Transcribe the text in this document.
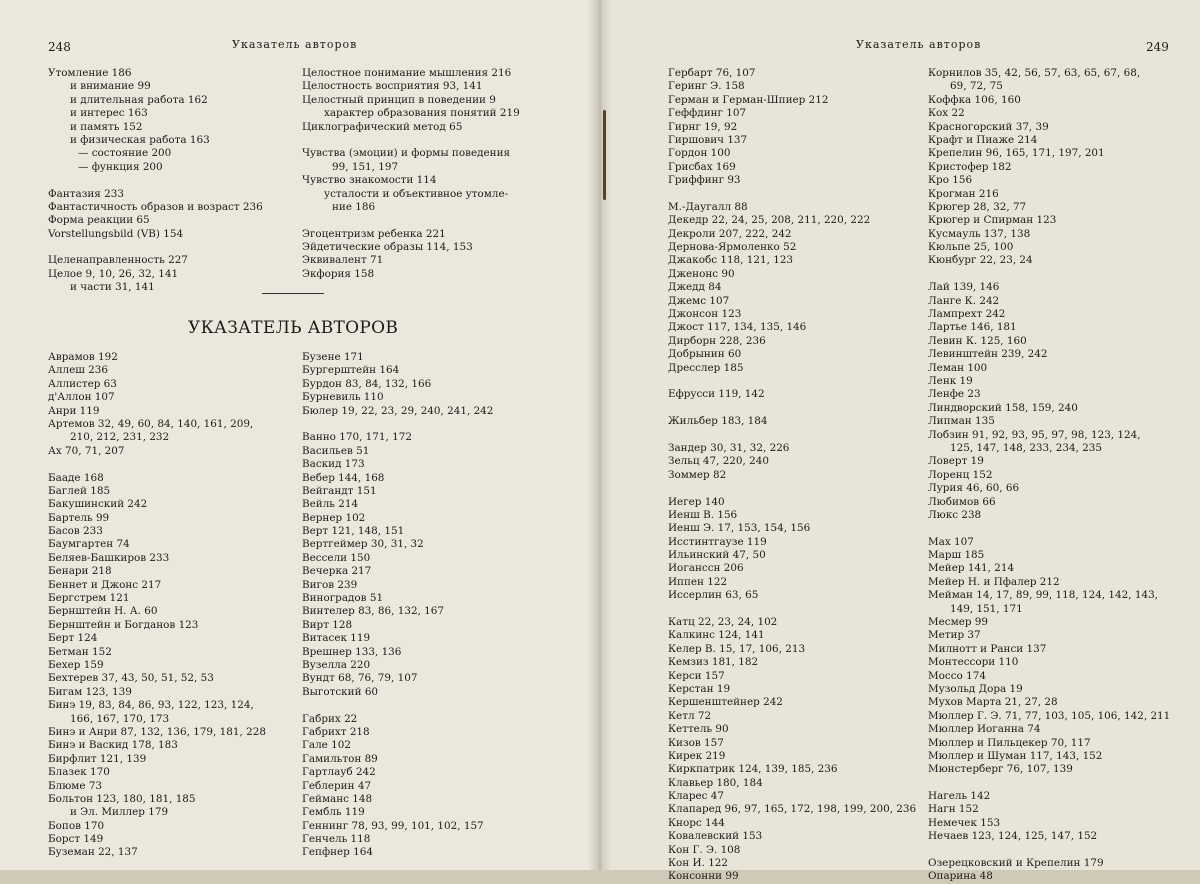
248	Указатель авторов
Утомление 186
и внимание 99
и длительная работа 162
и интерес 163
и память 152
и физическая работа 163
— состояние 200
— функция 200
Фантазия 233
Фантастичность образов и возраст 236
Форма реакции 65
Vorstellungsbild (VB) 154
Целенаправленность 227
Целое 9, 10, 26, 32, 141
и части 31, 141
Целостное понимание мышления 216
Целостность восприятия 93, 141
Целостный принцип в поведении 9
характер образования понятий 219
Циклографический метод 65
Чувства (эмоции) и формы поведения
99, 151, 197
Чувство знакомости 114
усталости и объективное утомле-
ние 186
Эгоцентризм ребенка 221
Эйдетические образы 114, 153
Эквивалент 71
Экфория 158
УКАЗАТЕЛЬ АВТОРОВ
Аврамов 192
Аллеш 236
Аллистер 63
д'Аллон 107
Анри 119
Артемов 32, 49, 60, 84, 140, 161, 209,
210, 212, 231, 232
Ах 70, 71, 207
Бааде 168
Баглей 185
Бакушинский 242
Бартель 99
Басов 233
Баумгартен 74
Беляев-Башкиров 233
Бенари 218
Беннет и Джонс 217
Бергстрем 121
Бернштейн Н. А. 60
Бернштейн и Богданов 123
Берт 124
Бетман 152
Бехер 159
Бехтерев 37, 43, 50, 51, 52, 53
Бигам 123, 139
Бинэ 19, 83, 84, 86, 93, 122, 123, 124,
166, 167, 170, 173
Бинэ и Анри 87, 132, 136, 179, 181, 228
Бинэ и Васкид 178, 183
Бирфлит 121, 139
Блазек 170
Блюме 73
Больтон 123, 180, 181, 185
и Эл. Миллер 179
Бопов 170
Борст 149
Буземан 22, 137
Бузене 171
Бургерштейн 164
Бурдон 83, 84, 132, 166
Бурневиль 110
Бюлер 19, 22, 23, 29, 240, 241, 242
Ванно 170, 171, 172
Васильев 51
Васкид 173
Вебер 144, 168
Вейгандт 151
Вейль 214
Вернер 102
Верт 121, 148, 151
Вертгеймер 30, 31, 32
Вессели 150
Вечерка 217
Вигов 239
Виноградов 51
Винтелер 83, 86, 132, 167
Вирт 128
Витасек 119
Врешнер 133, 136
Вузелла 220
Вундт 68, 76, 79, 107
Выготский 60
Габрих 22
Габрихт 218
Гале 102
Гамильтон 89
Гартлауб 242
Геблерин 47
Гейманс 148
Гембль 119
Геннинг 78, 93, 99, 101, 102, 157
Генчель 118
Гепфнер 164
Указатель авторов	249
Гербарт 76, 107
Геринг Э. 158
Герман и Герман-Шпиер 212
Геффдинг 107
Гирнг 19, 92
Гиршович 137
Гордон 100
Грисбах 169
Гриффинг 93
М.-Даугалл 88
Декедр 22, 24, 25, 208, 211, 220, 222
Декроли 207, 222, 242
Дернова-Ярмоленко 52
Джакобс 118, 121, 123
Дженонс 90
Джедд 84
Джемс 107
Джонсон 123
Джост 117, 134, 135, 146
Дирборн 228, 236
Добрынин 60
Дресслер 185
Ефрусси 119, 142
Жильбер 183, 184
Зандер 30, 31, 32, 226
Зельц 47, 220, 240
Зоммер 82
Иегер 140
Иенш В. 156
Иенш Э. 17, 153, 154, 156
Исстинтгаузе 119
Ильинский 47, 50
Иоганссн 206
Иппен 122
Иссерлин 63, 65
Катц 22, 23, 24, 102
Калкинс 124, 141
Келер В. 15, 17, 106, 213
Кемзиз 181, 182
Керси 157
Керстан 19
Кершенштейнер 242
Кетл 72
Кеттель 90
Кизов 157
Кирек 219
Киркпатрик 124, 139, 185, 236
Клавьер 180, 184
Кларес 47
Клапаред 96, 97, 165, 172, 198, 199, 200, 236
Кнорс 144
Ковалевский 153
Кон Г. Э. 108
Кон И. 122
Консонни 99
Корнилов 35, 42, 56, 57, 63, 65, 67, 68,
69, 72, 75
Коффка 106, 160
Кох 22
Красногорский 37, 39
Крафт и Пиаже 214
Крепелин 96, 165, 171, 197, 201
Кристофер 182
Кро 156
Крогман 216
Крюгер 28, 32, 77
Крюгер и Спирман 123
Кусмауль 137, 138
Кюльпе 25, 100
Кюнбург 22, 23, 24
Лай 139, 146
Ланге К. 242
Лампрехт 242
Лартье 146, 181
Левин К. 125, 160
Левинштейн 239, 242
Леман 100
Ленк 19
Ленфе 23
Линдворский 158, 159, 240
Липман 135
Лобзин 91, 92, 93, 95, 97, 98, 123, 124,
125, 147, 148, 233, 234, 235
Ловерт 19
Лоренц 152
Лурия 46, 60, 66
Любимов 66
Люкс 238
Мах 107
Марш 185
Мейер 141, 214
Мейер Н. и Пфалер 212
Мейман 14, 17, 89, 99, 118, 124, 142, 143,
149, 151, 171
Месмер 99
Метир 37
Милнотт и Ранси 137
Монтессори 110
Моссо 174
Музольд Дора 19
Мухов Марта 21, 27, 28
Мюллер Г. Э. 71, 77, 103, 105, 106, 142, 211
Мюллер Иоганна 74
Мюллер и Пильцекер 70, 117
Мюллер и Шуман 117, 143, 152
Мюнстерберг 76, 107, 139
Нагель 142
Нагн 152
Немечек 153
Нечаев 123, 124, 125, 147, 152
Озерецковский и Крепелин 179
Опарина 48
